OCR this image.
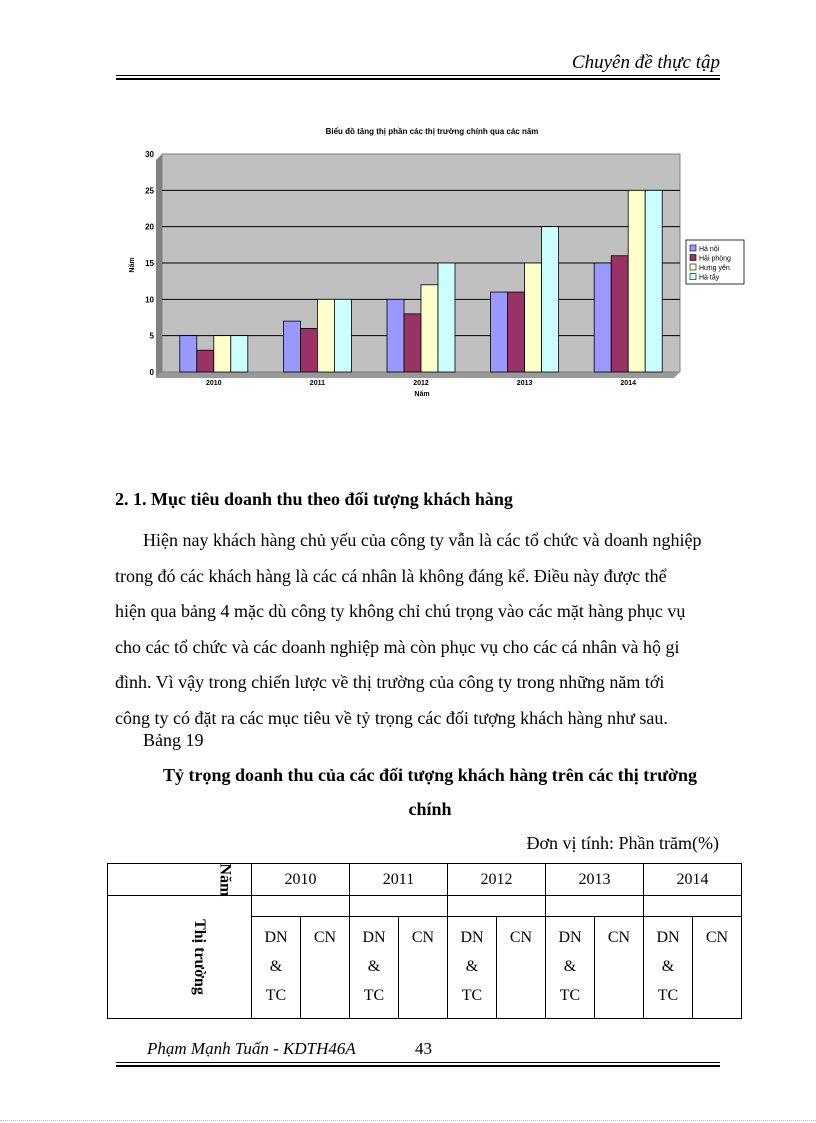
Chuyên đề thực tập
Biểu đồ tăng thị phần các thị trường chính qua các năm
Năm
Năm
0
5
10
15
20
25
30
2010	2011	2012	2013	2014
Hà nội
Hải phòng
Hưng yên
Hà tây
2. 1. Mục tiêu doanh thu theo đối tượng khách hàng

Hiện nay khách hàng chủ yếu của công ty vẫn là các tổ chức và doanh nghiệp

trong đó các khách hàng là các cá nhân là không đáng kể. Điều này được thể

hiện qua bảng 4 mặc dù công ty không chỉ chú trọng vào các mặt hàng phục vụ

cho các tổ chức và các doanh nghiệp mà còn phục vụ cho các cá nhân và hộ gi

đình. Vì vậy trong chiến lược về thị trường của công ty trong những năm tới

công ty có đặt ra các mục tiêu về tỷ trọng các đối tượng khách hàng như sau.

Bảng 19
Tỷ trọng doanh thu của các đối tượng khách hàng trên các thị trường
chính
Đơn vị tính: Phần trăm(%)
Năm	2010		2011		2012		2013		2014	
Thị trường										
	DN
&
TC	CN	DN
&
TC	CN	DN
&
TC	CN	DN
&
TC	CN	DN
&
TC	CN
Phạm Mạnh Tuấn - KDTH46A	43
